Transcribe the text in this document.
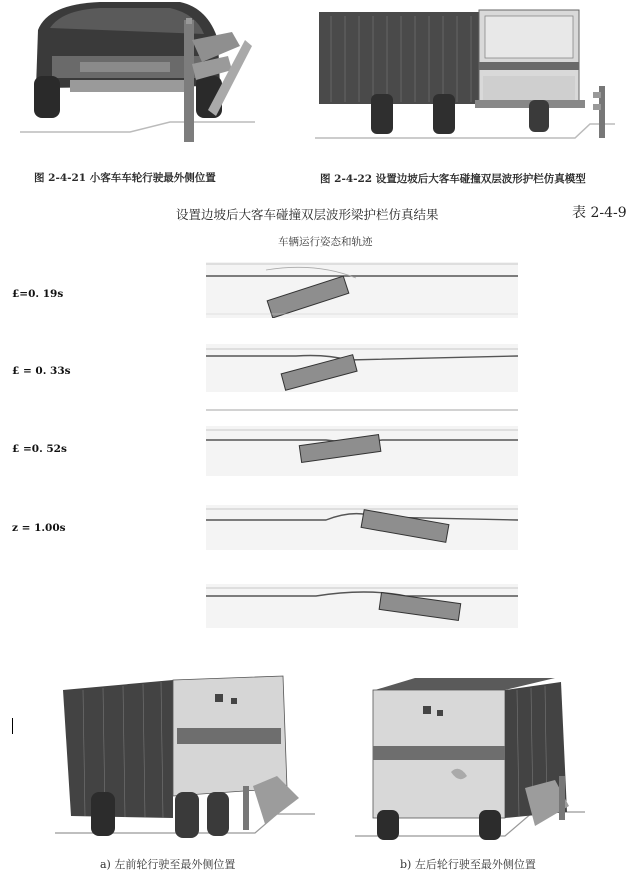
图 2-4-21 小客车车轮行驶最外侧位置	图 2-4-22 设置边坡后大客车碰撞双层波形护栏仿真模型
设置边坡后大客车碰撞双层波形梁护栏仿真结果	表 2-4-9
车辆运行姿态和轨迹
£=0. 19s
£ = 0. 33s
£ =0. 52s
z = 1.00s
a) 左前轮行驶至最外侧位置	b) 左后轮行驶至最外侧位置
